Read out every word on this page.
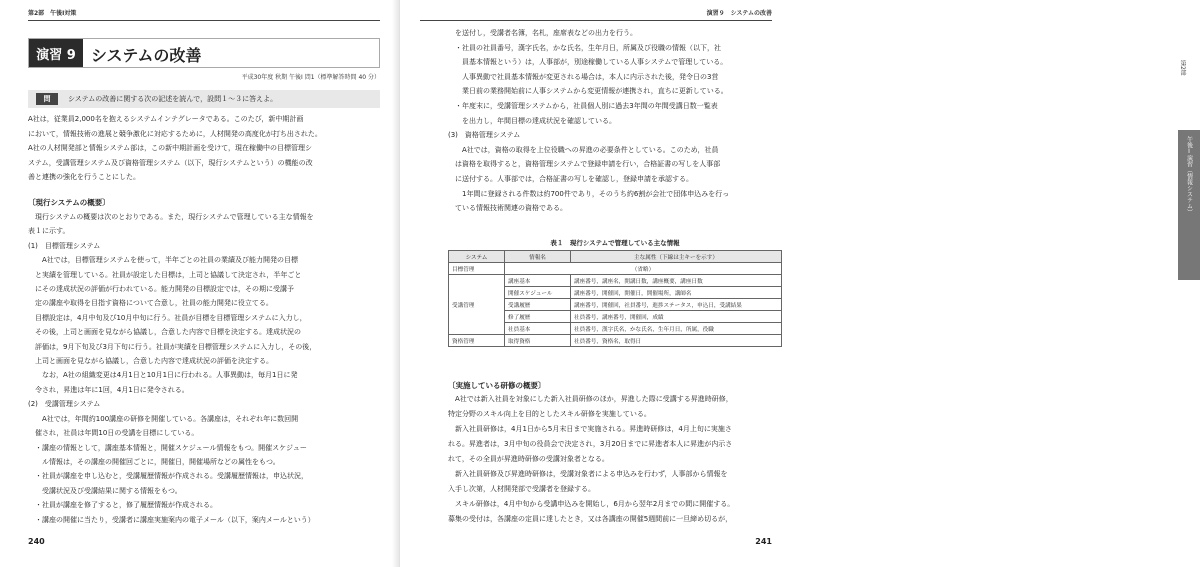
第2部　午後Ⅰ対策
演習 9 システムの改善
平成30年度 秋期 午後Ⅰ 問1（標準解答時間 40 分）
問	システムの改善に関する次の記述を読んで，設問１～３に答えよ。

A社は，従業員2,000名を抱えるシステムインテグレータである。このたび，新中期計画

において，情報技術の進展と競争激化に対応するために，人材開発の高度化が打ち出された。

A社の人材開発部と情報システム部は，この新中期計画を受けて，現在稼働中の目標管理シ

ステム，受講管理システム及び資格管理システム（以下，現行システムという）の機能の改

善と連携の強化を行うことにした。

〔現行システムの概要〕

　現行システムの概要は次のとおりである。また，現行システムで管理している主な情報を

表１に示す。

(1)　目標管理システム

　　A社では，目標管理システムを使って，半年ごとの社員の業績及び能力開発の目標

　と実績を管理している。社員が設定した目標は，上司と協議して決定され，半年ごと

　にその達成状況の評価が行われている。能力開発の目標設定では，その期に受講予

　定の講座や取得を目指す資格について合意し，社員の能力開発に役立てる。

　目標設定は，4月中旬及び10月中旬に行う。社員が目標を目標管理システムに入力し，

　その後，上司と画面を見ながら協議し，合意した内容で目標を決定する。達成状況の

　評価は，9月下旬及び3月下旬に行う。社員が実績を目標管理システムに入力し，その後，

　上司と画面を見ながら協議し，合意した内容で達成状況の評価を決定する。

　　なお，A社の組織変更は4月1日と10月1日に行われる。人事異動は，毎月1日に発

　令され，昇進は年に1回，4月1日に発令される。

(2)　受講管理システム

　　A社では，年間約100講座の研修を開催している。各講座は，それぞれ年に数回開

　催され，社員は年間10日の受講を目標にしている。

　・講座の情報として，講座基本情報と，開催スケジュール情報をもつ。開催スケジュー

　　ル情報は，その講座の開催回ごとに，開催日，開催場所などの属性をもつ。

　・社員が講座を申し込むと，受講履歴情報が作成される。受講履歴情報は，申込状況，

　　受講状況及び受講結果に関する情報をもつ。

　・社員が講座を修了すると，修了履歴情報が作成される。

　・講座の開催に当たり，受講者に講座実施案内の電子メール（以下，案内メールという）

240
演習９　システムの改善

　を送付し，受講者名簿，名札，座席表などの出力を行う。

　・社員の社員番号，漢字氏名，かな氏名，生年月日，所属及び役職の情報（以下，社

　　員基本情報という）は，人事部が，別途稼働している人事システムで管理している。

　　人事異動で社員基本情報が変更される場合は，本人に内示された後，発令日の3営

　　業日前の業務開始前に人事システムから変更情報が連携され，直ちに更新している。

　・年度末に，受講管理システムから，社員個人別に過去3年間の年間受講日数一覧表

　　を出力し，年間目標の達成状況を確認している。

(3)　資格管理システム

　　A社では，資格の取得を上位役職への昇進の必要条件としている。このため，社員

　は資格を取得すると，資格管理システムで登録申請を行い，合格証書の写しを人事部

　に送付する。人事部では，合格証書の写しを確認し，登録申請を承認する。

　　1年間に登録される件数は約700件であり，そのうち約6割が会社で団体申込みを行っ

　ている情報技術関連の資格である。

第2部
午後Ⅰ演習（情報システム）
241
表１　現行システムで管理している主な情報
システム	情報名	主な属性（下線は主キーを示す）
目標管理	（省略）	
受講管理	講座基本	講座番号，講座名，開講日数，講座概要，講座日数
	開催スケジュール	講座番号，開催回，開催日，開催場所，講師名
	受講履歴	講座番号，開催回，社員番号，進捗ステータス，申込日，受講結果
	修了履歴	社員番号，講座番号，開催回，成績
	社員基本	社員番号，漢字氏名，かな氏名，生年月日，所属，役職
資格管理	取得資格	社員番号，資格名，取得日
〔実施している研修の概要〕

　A社では新入社員を対象にした新入社員研修のほか，昇進した際に受講する昇進時研修，

特定分野のスキル向上を目的としたスキル研修を実施している。

　新入社員研修は，4月1日から5月末日まで実施される。昇進時研修は，4月上旬に実施さ

れる。昇進者は，3月中旬の役員会で決定され，3月20日までに昇進者本人に昇進が内示さ

れて，その全員が昇進時研修の受講対象者となる。

　新入社員研修及び昇進時研修は，受講対象者による申込みを行わず，人事部から情報を

入手し次第，人材開発部で受講者を登録する。

　スキル研修は，4月中旬から受講申込みを開始し，6月から翌年2月までの間に開催する。

募集の受付は，各講座の定員に達したとき，又は各講座の開催5週間前に一旦締め切るが，
